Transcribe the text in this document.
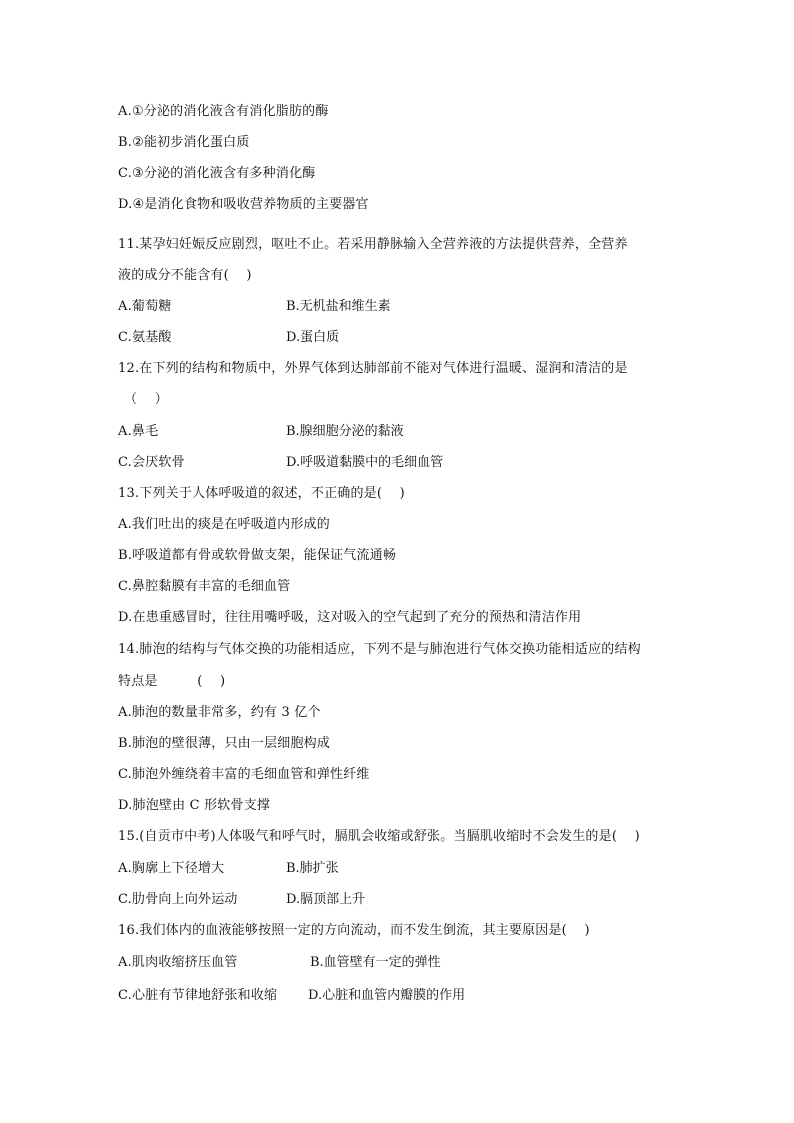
A.①分泌的消化液含有消化脂肪的酶
B.②能初步消化蛋白质
C.③分泌的消化液含有多种消化酶
D.④是消化食物和吸收营养物质的主要器官
11.某孕妇妊娠反应剧烈，呕吐不止。若采用静脉输入全营养液的方法提供营养，全营养
液的成分不能含有(　 )
A.葡萄糖	B.无机盐和维生素
C.氨基酸	D.蛋白质
12.在下列的结构和物质中，外界气体到达肺部前不能对气体进行温暖、湿润和清洁的是
（　 ）
A.鼻毛	B.腺细胞分泌的黏液
C.会厌软骨	D.呼吸道黏膜中的毛细血管
13.下列关于人体呼吸道的叙述，不正确的是(　 )
A.我们吐出的痰是在呼吸道内形成的
B.呼吸道都有骨或软骨做支架，能保证气流通畅
C.鼻腔黏膜有丰富的毛细血管
D.在患重感冒时，往往用嘴呼吸，这对吸入的空气起到了充分的预热和清洁作用
14.肺泡的结构与气体交换的功能相适应，下列不是与肺泡进行气体交换功能相适应的结构
特点是　　　(　 )
A.肺泡的数量非常多，约有 3 亿个
B.肺泡的壁很薄，只由一层细胞构成
C.肺泡外缠绕着丰富的毛细血管和弹性纤维
D.肺泡壁由 C 形软骨支撑
15.(自贡市中考)人体吸气和呼气时，膈肌会收缩或舒张。当膈肌收缩时不会发生的是(　 )
A.胸廓上下径增大	B.肺扩张
C.肋骨向上向外运动	D.膈顶部上升
16.我们体内的血液能够按照一定的方向流动，而不发生倒流，其主要原因是(　 )
A.肌肉收缩挤压血管	B.血管壁有一定的弹性
C.心脏有节律地舒张和收缩 D.心脏和血管内瓣膜的作用
